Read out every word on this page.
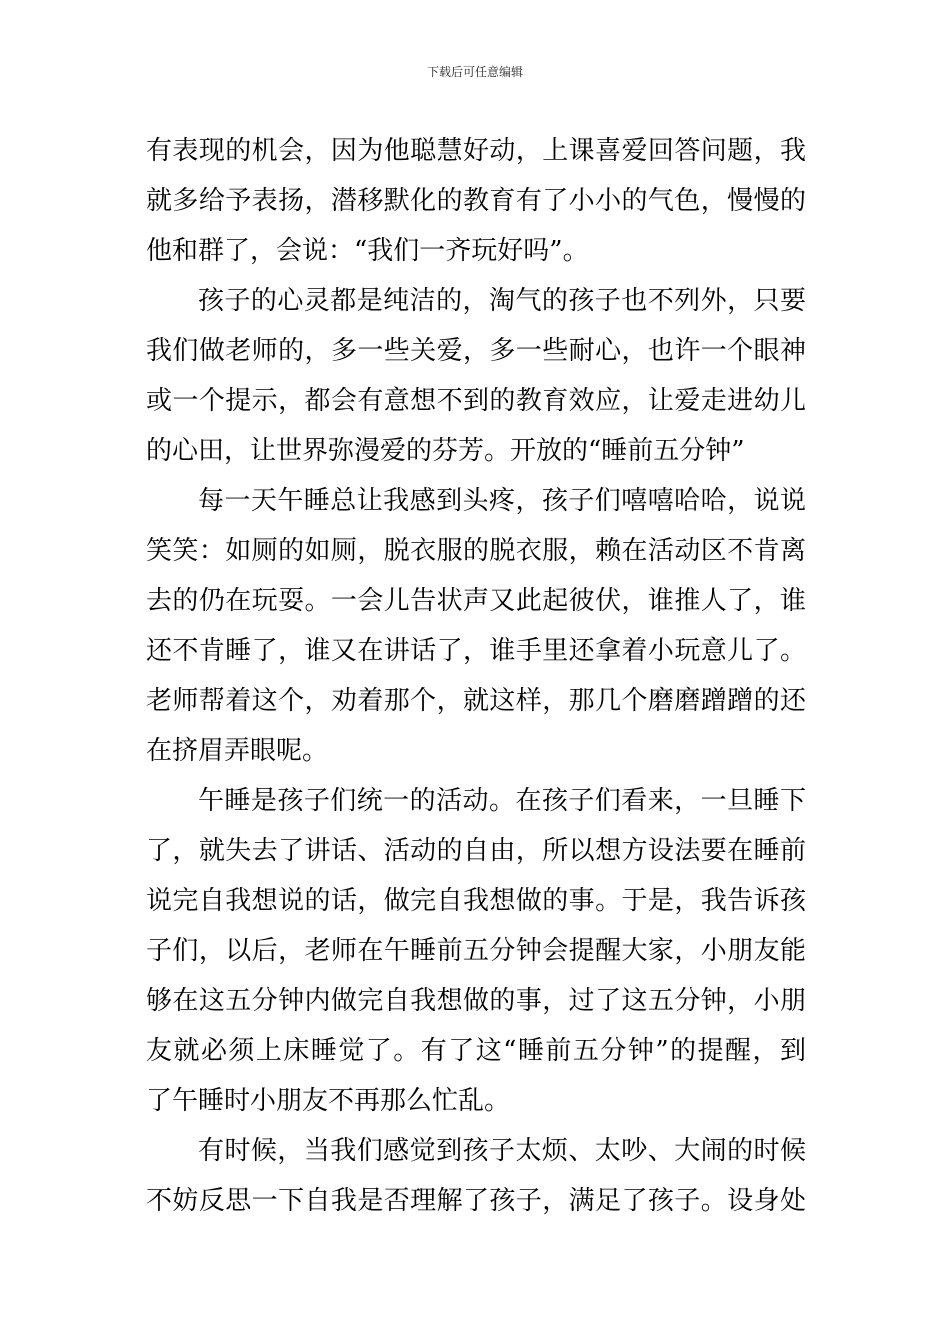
下载后可任意编辑
有表现的机会，因为他聪慧好动，上课喜爱回答问题，我
就多给予表扬，潜移默化的教育有了小小的气色，慢慢的
他和群了，会说：“我们一齐玩好吗”。
孩子的心灵都是纯洁的，淘气的孩子也不列外，只要
我们做老师的，多一些关爱，多一些耐心，也许一个眼神
或一个提示，都会有意想不到的教育效应，让爱走进幼儿
的心田，让世界弥漫爱的芬芳。开放的“睡前五分钟”
每一天午睡总让我感到头疼，孩子们嘻嘻哈哈，说说
笑笑：如厕的如厕，脱衣服的脱衣服，赖在活动区不肯离
去的仍在玩耍。一会儿告状声又此起彼伏，谁推人了，谁
还不肯睡了，谁又在讲话了，谁手里还拿着小玩意儿了。
老师帮着这个，劝着那个，就这样，那几个磨磨蹭蹭的还
在挤眉弄眼呢。
午睡是孩子们统一的活动。在孩子们看来，一旦睡下
了，就失去了讲话、活动的自由，所以想方设法要在睡前
说完自我想说的话，做完自我想做的事。于是，我告诉孩
子们，以后，老师在午睡前五分钟会提醒大家，小朋友能
够在这五分钟内做完自我想做的事，过了这五分钟，小朋
友就必须上床睡觉了。有了这“睡前五分钟”的提醒，到
了午睡时小朋友不再那么忙乱。
有时候，当我们感觉到孩子太烦、太吵、大闹的时候
不妨反思一下自我是否理解了孩子，满足了孩子。设身处
